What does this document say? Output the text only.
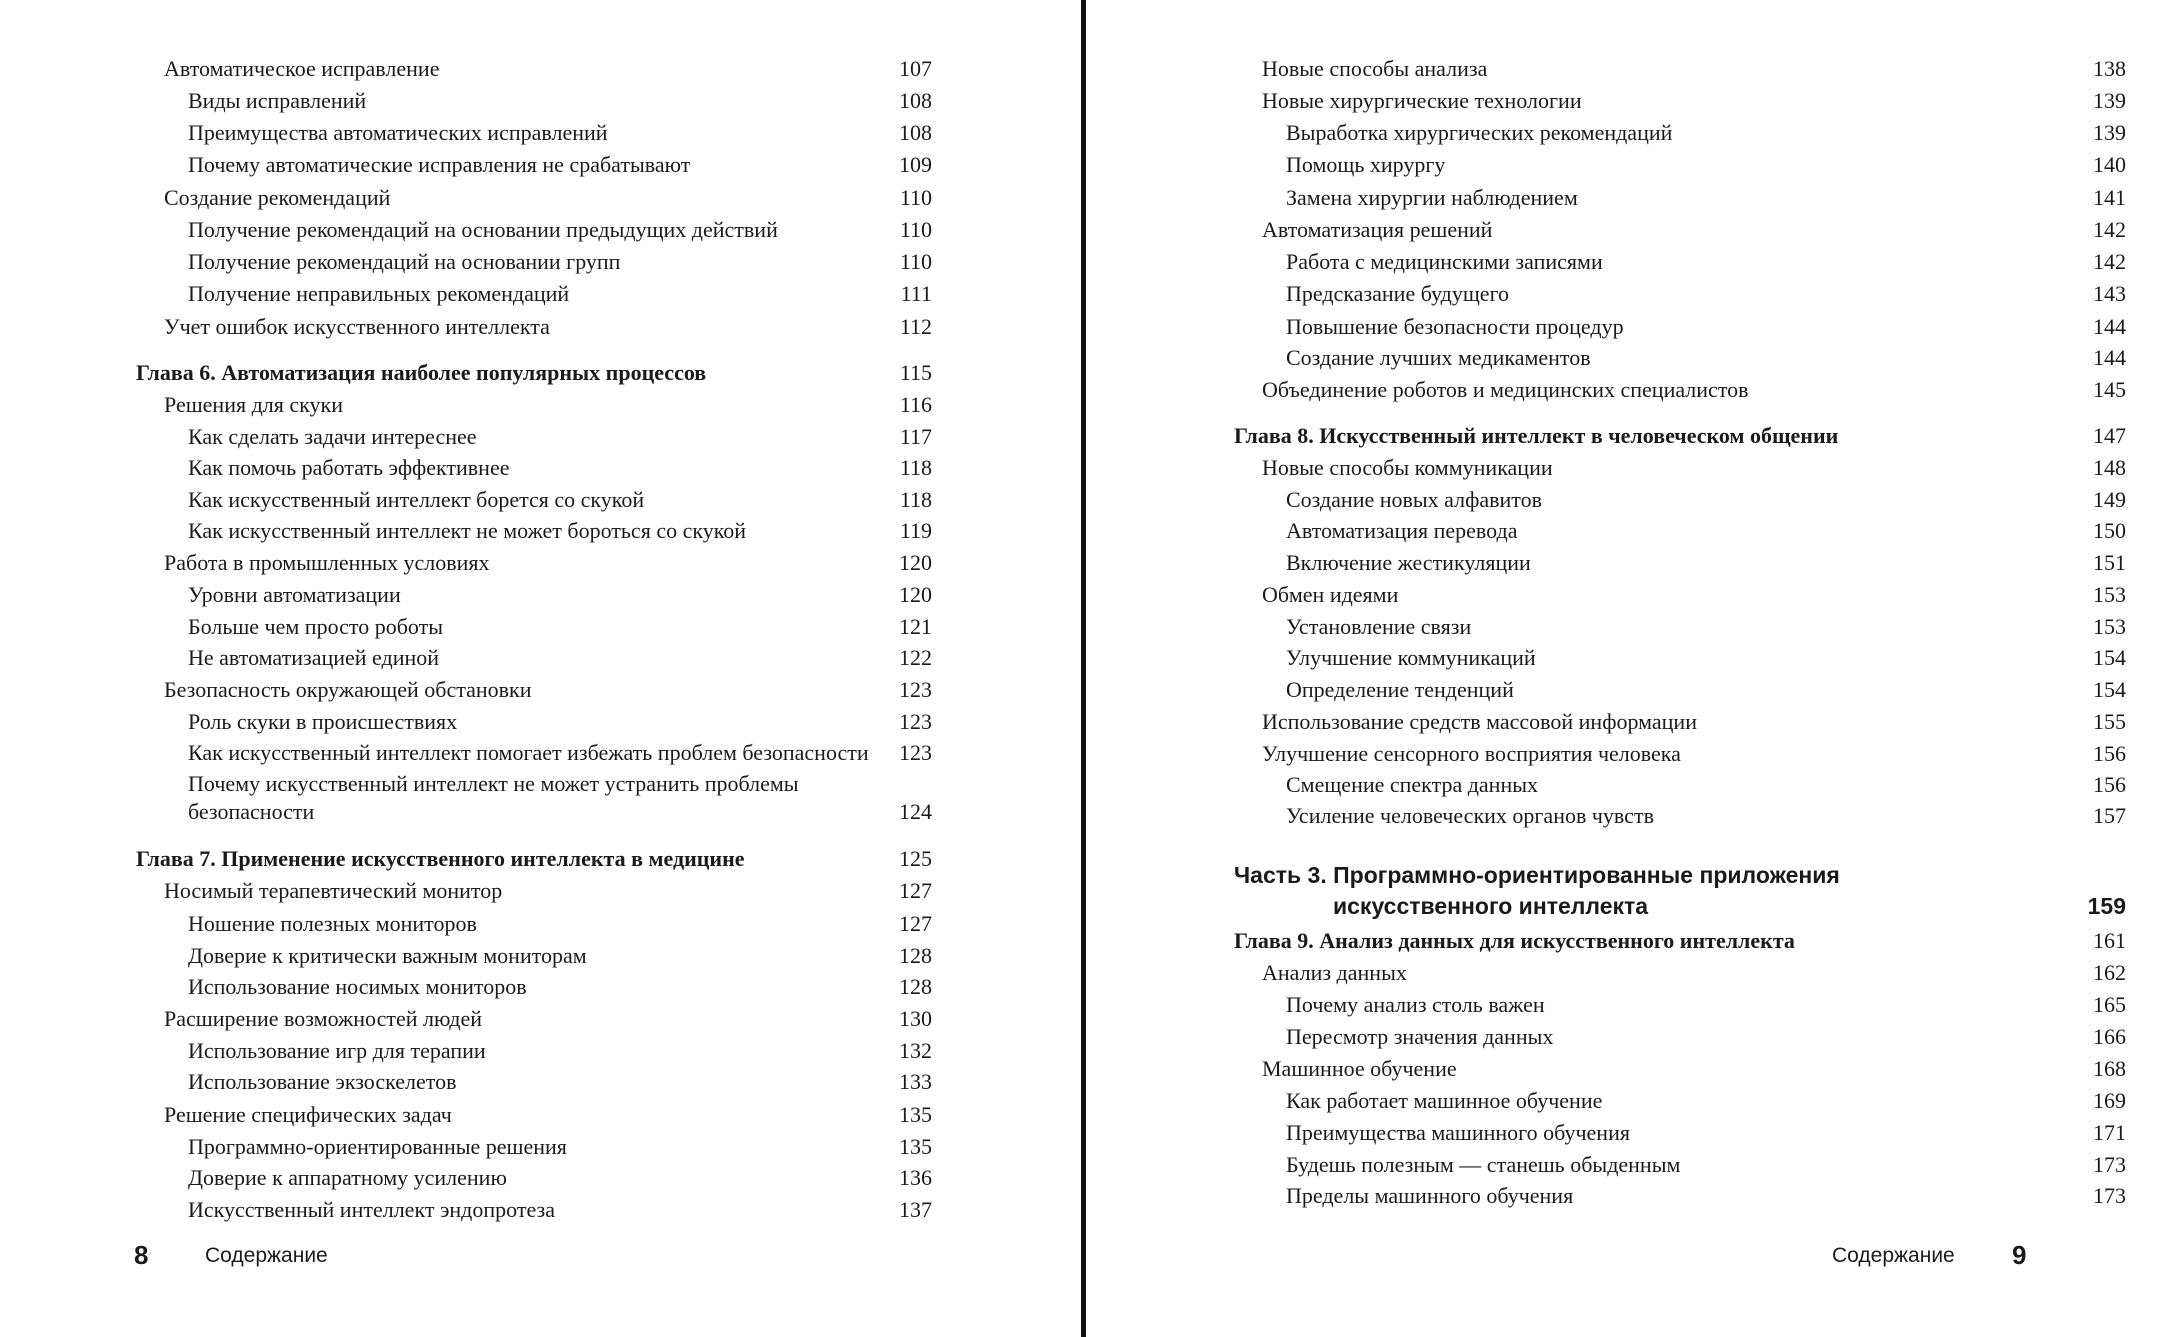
Автоматическое исправление	107
Виды исправлений	108
Преимущества автоматических исправлений	108
Почему автоматические исправления не срабатывают	109
Создание рекомендаций	110
Получение рекомендаций на основании предыдущих действий	110
Получение рекомендаций на основании групп	110
Получение неправильных рекомендаций	111
Учет ошибок искусственного интеллекта	112
Глава 6. Автоматизация наиболее популярных процессов	115
Решения для скуки	116
Как сделать задачи интереснее	117
Как помочь работать эффективнее	118
Как искусственный интеллект борется со скукой	118
Как искусственный интеллект не может бороться со скукой	119
Работа в промышленных условиях	120
Уровни автоматизации	120
Больше чем просто роботы	121
Не автоматизацией единой	122
Безопасность окружающей обстановки	123
Роль скуки в происшествиях	123
Как искусственный интеллект помогает избежать проблем безопасности	123
Почему искусственный интеллект не может устранить проблемы
безопасности	124
Глава 7. Применение искусственного интеллекта в медицине	125
Носимый терапевтический монитор	127
Ношение полезных мониторов	127
Доверие к критически важным мониторам	128
Использование носимых мониторов	128
Расширение возможностей людей	130
Использование игр для терапии	132
Использование экзоскелетов	133
Решение специфических задач	135
Программно-ориентированные решения	135
Доверие к аппаратному усилению	136
Искусственный интеллект эндопротеза	137
8	Содержание
Новые способы анализа	138
Новые хирургические технологии	139
Выработка хирургических рекомендаций	139
Помощь хирургу	140
Замена хирургии наблюдением	141
Автоматизация решений	142
Работа с медицинскими записями	142
Предсказание будущего	143
Повышение безопасности процедур	144
Создание лучших медикаментов	144
Объединение роботов и медицинских специалистов	145
Глава 8. Искусственный интеллект в человеческом общении	147
Новые способы коммуникации	148
Создание новых алфавитов	149
Автоматизация перевода	150
Включение жестикуляции	151
Обмен идеями	153
Установление связи	153
Улучшение коммуникаций	154
Определение тенденций	154
Использование средств массовой информации	155
Улучшение сенсорного восприятия человека	156
Смещение спектра данных	156
Усиление человеческих органов чувств	157
Часть 3. Программно-ориентированные приложения
искусственного интеллекта	159
Глава 9. Анализ данных для искусственного интеллекта	161
Анализ данных	162
Почему анализ столь важен	165
Пересмотр значения данных	166
Машинное обучение	168
Как работает машинное обучение	169
Преимущества машинного обучения	171
Будешь полезным — станешь обыденным	173
Пределы машинного обучения	173
Содержание 9
